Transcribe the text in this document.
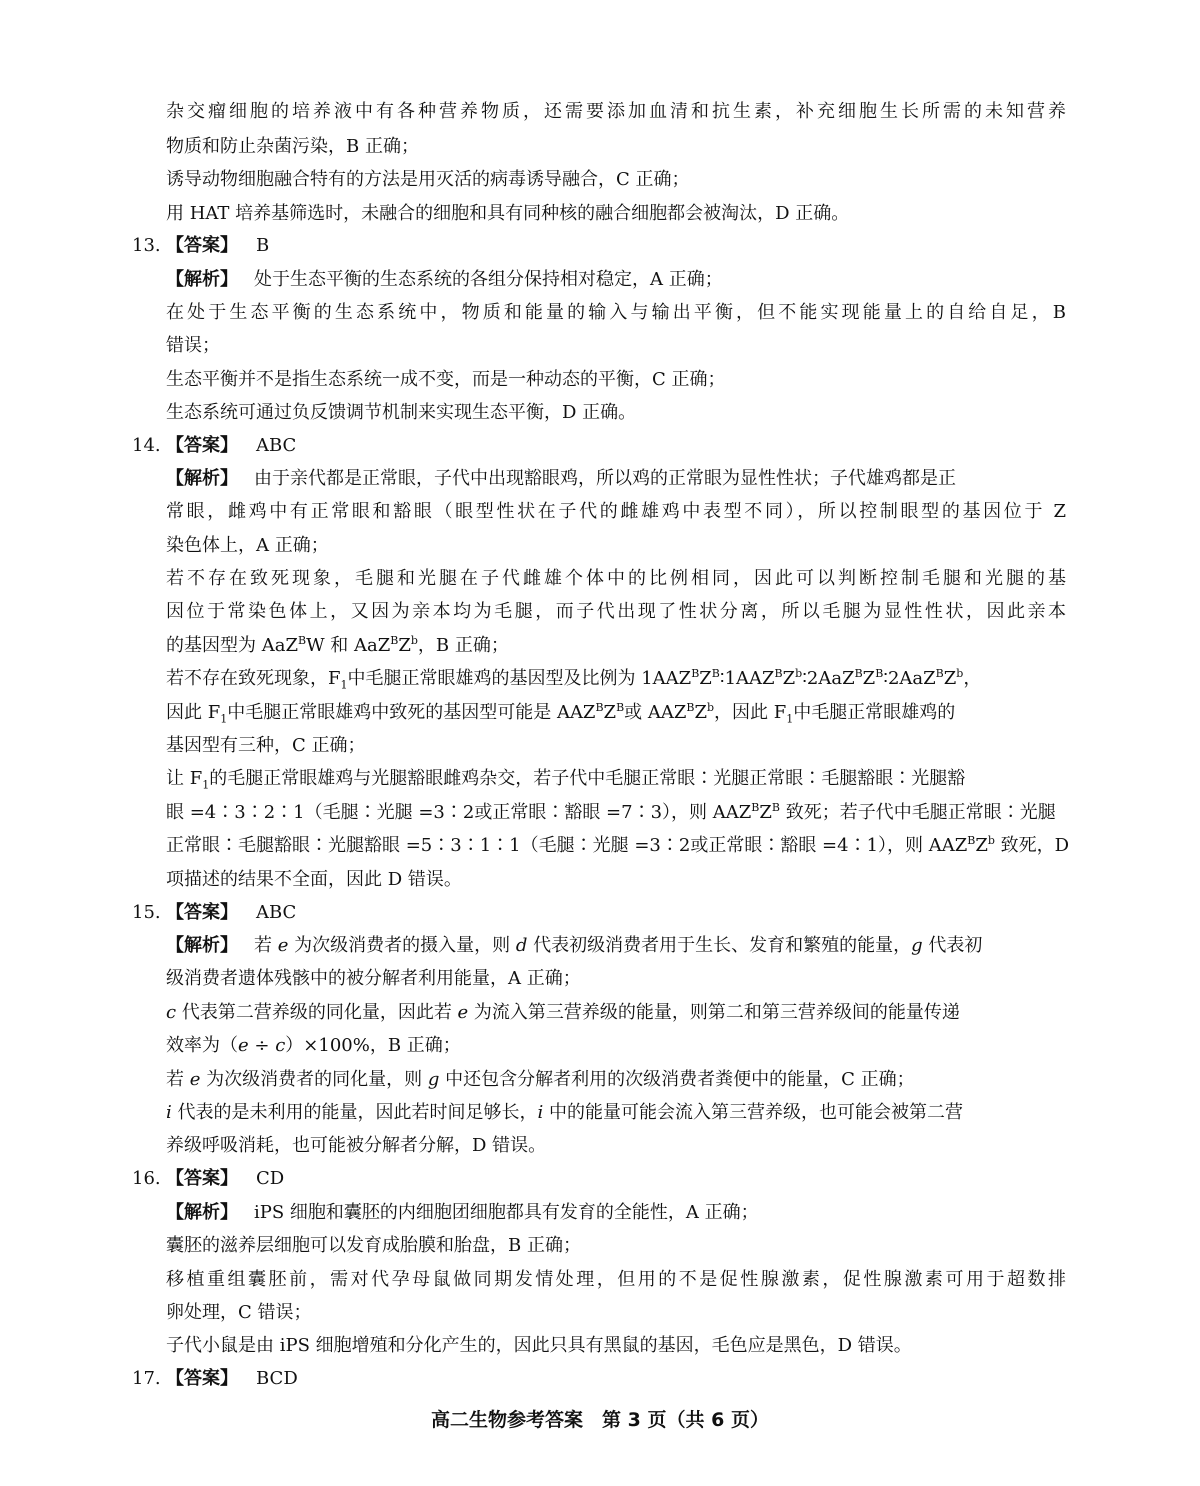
杂交瘤细胞的培养液中有各种营养物质，还需要添加血清和抗生素，补充细胞生长所需的未知营养
物质和防止杂菌污染，B 正确；
诱导动物细胞融合特有的方法是用灭活的病毒诱导融合，C 正确；
用 HAT 培养基筛选时，未融合的细胞和具有同种核的融合细胞都会被淘汰，D 正确。
13. 【答案】 B
【解析】 处于生态平衡的生态系统的各组分保持相对稳定，A 正确；
在处于生态平衡的生态系统中，物质和能量的输入与输出平衡，但不能实现能量上的自给自足，B
错误；
生态平衡并不是指生态系统一成不变，而是一种动态的平衡，C 正确；
生态系统可通过负反馈调节机制来实现生态平衡，D 正确。
14. 【答案】 ABC
【解析】 由于亲代都是正常眼，子代中出现豁眼鸡，所以鸡的正常眼为显性性状；子代雄鸡都是正
常眼，雌鸡中有正常眼和豁眼（眼型性状在子代的雌雄鸡中表型不同），所以控制眼型的基因位于 Z
染色体上，A 正确；
若不存在致死现象，毛腿和光腿在子代雌雄个体中的比例相同，因此可以判断控制毛腿和光腿的基
因位于常染色体上，又因为亲本均为毛腿，而子代出现了性状分离，所以毛腿为显性性状，因此亲本
的基因型为 AaZ$^B$W 和 $AaZ^BZ^b$，B 正确；
若不存在致死现象，$F_1$中毛腿正常眼雄鸡的基因型及比例为 $1AAZ^BZ^B∶1AAZ^BZ^b∶2AaZ^BZ^B∶2AaZ^BZ^b$，
因此 $F_1$中毛腿正常眼雄鸡中致死的基因型可能是 $AAZ^BZ^B$或 $AAZ^BZ^b$，因此 $F_1$中毛腿正常眼雄鸡的
基因型有三种，C 正确；
让 $F_1$的毛腿正常眼雄鸡与光腿豁眼雌鸡杂交，若子代中毛腿正常眼∶光腿正常眼∶毛腿豁眼∶光腿豁
眼 =4∶3∶2∶1（毛腿∶光腿 =3∶2或正常眼∶豁眼 =7∶3），则 $AAZ^BZ^B$ 致死；若子代中毛腿正常眼∶光腿
正常眼∶毛腿豁眼∶光腿豁眼 =5∶3∶1∶1（毛腿∶光腿 =3∶2或正常眼∶豁眼 =4∶1），则 $AAZ^BZ^b$ 致死，D
项描述的结果不全面，因此 D 错误。
15. 【答案】 ABC
【解析】 若 e 为次级消费者的摄入量，则 d 代表初级消费者用于生长、发育和繁殖的能量，g 代表初
级消费者遗体残骸中的被分解者利用能量，A 正确；
c 代表第二营养级的同化量，因此若 e 为流入第三营养级的能量，则第二和第三营养级间的能量传递
效率为（e ÷ c）×100%，B 正确；
若 e 为次级消费者的同化量，则 g 中还包含分解者利用的次级消费者粪便中的能量，C 正确；
i 代表的是未利用的能量，因此若时间足够长，i 中的能量可能会流入第三营养级，也可能会被第二营
养级呼吸消耗，也可能被分解者分解，D 错误。
16. 【答案】 CD
【解析】 iPS 细胞和囊胚的内细胞团细胞都具有发育的全能性，A 正确；
囊胚的滋养层细胞可以发育成胎膜和胎盘，B 正确；
移植重组囊胚前，需对代孕母鼠做同期发情处理，但用的不是促性腺激素，促性腺激素可用于超数排
卵处理，C 错误；
子代小鼠是由 iPS 细胞增殖和分化产生的，因此只具有黑鼠的基因，毛色应是黑色，D 错误。
17. 【答案】 BCD
高二生物参考答案　第 3 页（共 6 页）
